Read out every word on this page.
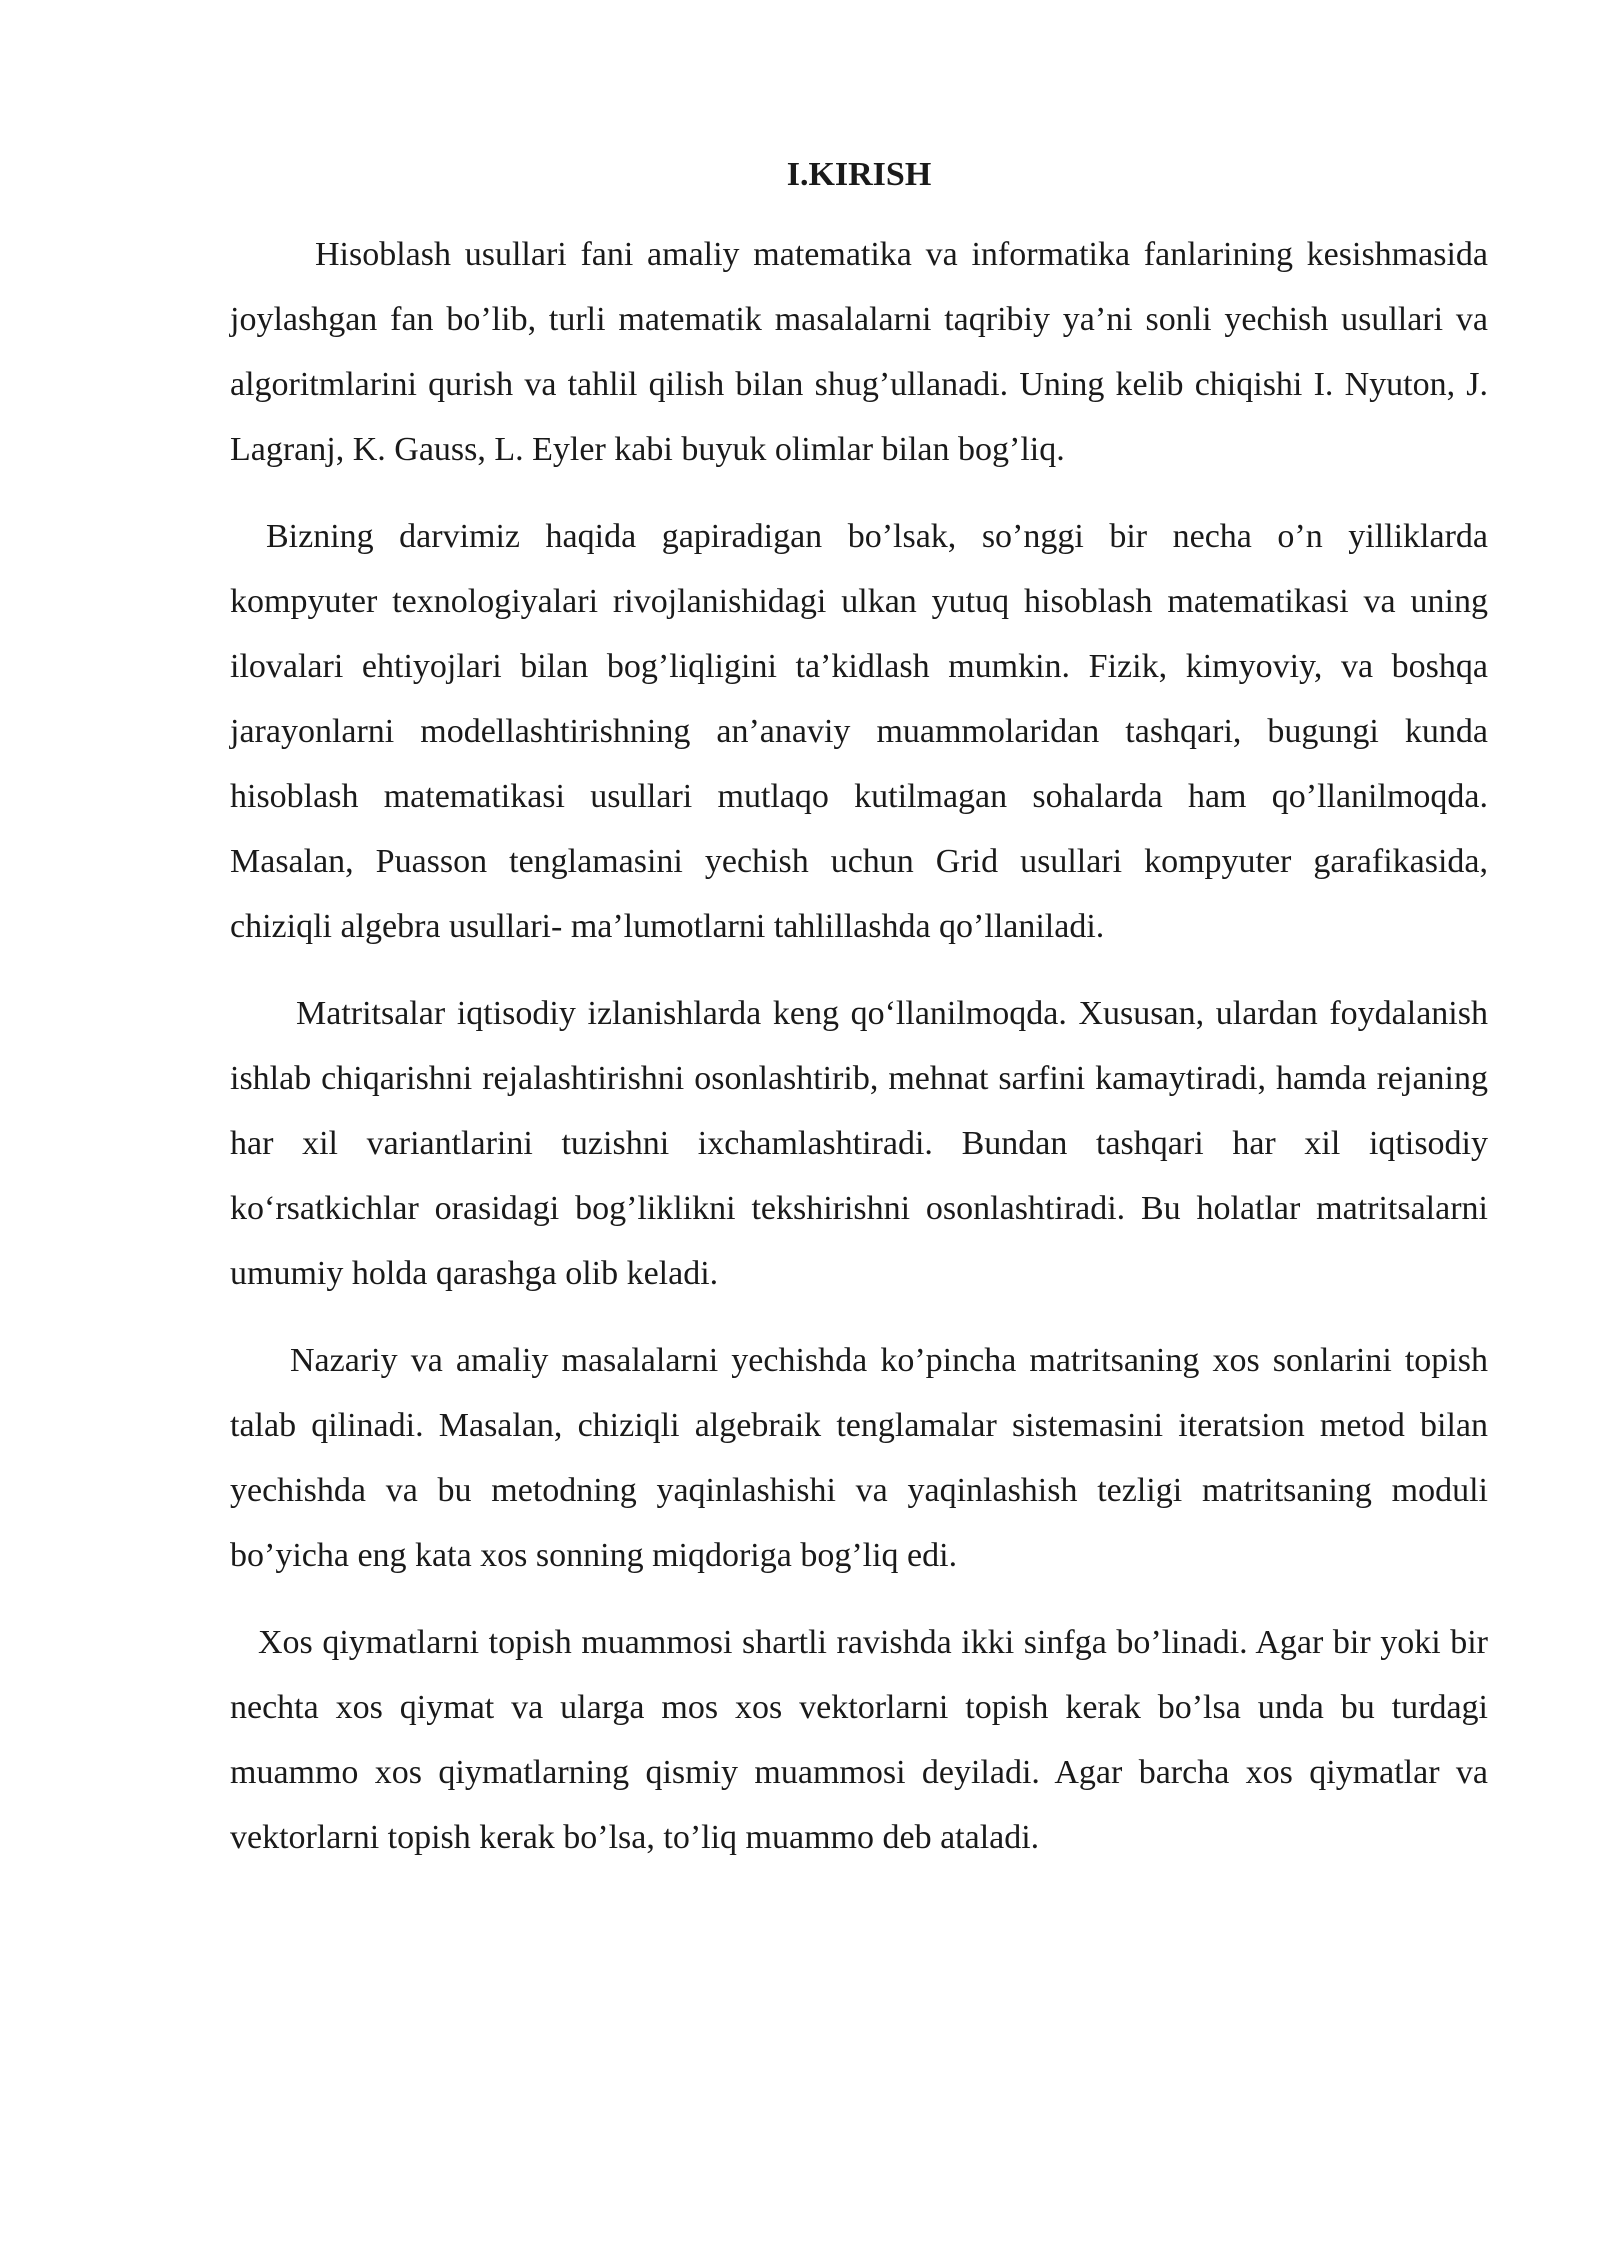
I.KIRISH

Hisoblash usullari fani amaliy matematika va informatika fanlarining kesishmasida joylashgan fan bo’lib, turli matematik masalalarni taqribiy ya’ni sonli yechish usullari va algoritmlarini qurish va tahlil qilish bilan shug’ullanadi. Uning kelib chiqishi I. Nyuton, J. Lagranj, K. Gauss, L. Eyler kabi buyuk olimlar bilan bog’liq.

Bizning darvimiz haqida gapiradigan bo’lsak, so’nggi bir necha o’n yilliklarda kompyuter texnologiyalari rivojlanishidagi ulkan yutuq hisoblash matematikasi va uning ilovalari ehtiyojlari bilan bog’liqligini ta’kidlash mumkin. Fizik, kimyoviy, va boshqa jarayonlarni modellashtirishning an’anaviy muammolaridan tashqari, bugungi kunda hisoblash matematikasi usullari mutlaqo kutilmagan sohalarda ham qo’llanilmoqda. Masalan, Puasson tenglamasini yechish uchun Grid usullari kompyuter garafikasida, chiziqli algebra usullari- ma’lumotlarni tahlillashda qo’llaniladi.

Matritsalar iqtisodiy izlanishlarda keng qo‘llanilmoqda. Xususan, ulardan foydalanish ishlab chiqarishni rejalashtirishni osonlashtirib, mehnat sarfini kamaytiradi, hamda rejaning har xil variantlarini tuzishni ixchamlashtiradi. Bundan tashqari har xil iqtisodiy ko‘rsatkichlar orasidagi bog’liklikni tekshirishni osonlashtiradi. Bu holatlar matritsalarni umumiy holda qarashga olib keladi.

Nazariy va amaliy masalalarni yechishda ko’pincha matritsaning xos sonlarini topish talab qilinadi. Masalan, chiziqli algebraik tenglamalar sistemasini iteratsion metod bilan yechishda va bu metodning yaqinlashishi va yaqinlashish tezligi matritsaning moduli bo’yicha eng kata xos sonning miqdoriga bog’liq edi.

Xos qiymatlarni topish muammosi shartli ravishda ikki sinfga bo’linadi. Agar bir yoki bir nechta xos qiymat va ularga mos xos vektorlarni topish kerak bo’lsa unda bu turdagi muammo xos qiymatlarning qismiy muammosi deyiladi. Agar barcha xos qiymatlar va vektorlarni topish kerak bo’lsa, to’liq muammo deb ataladi.
